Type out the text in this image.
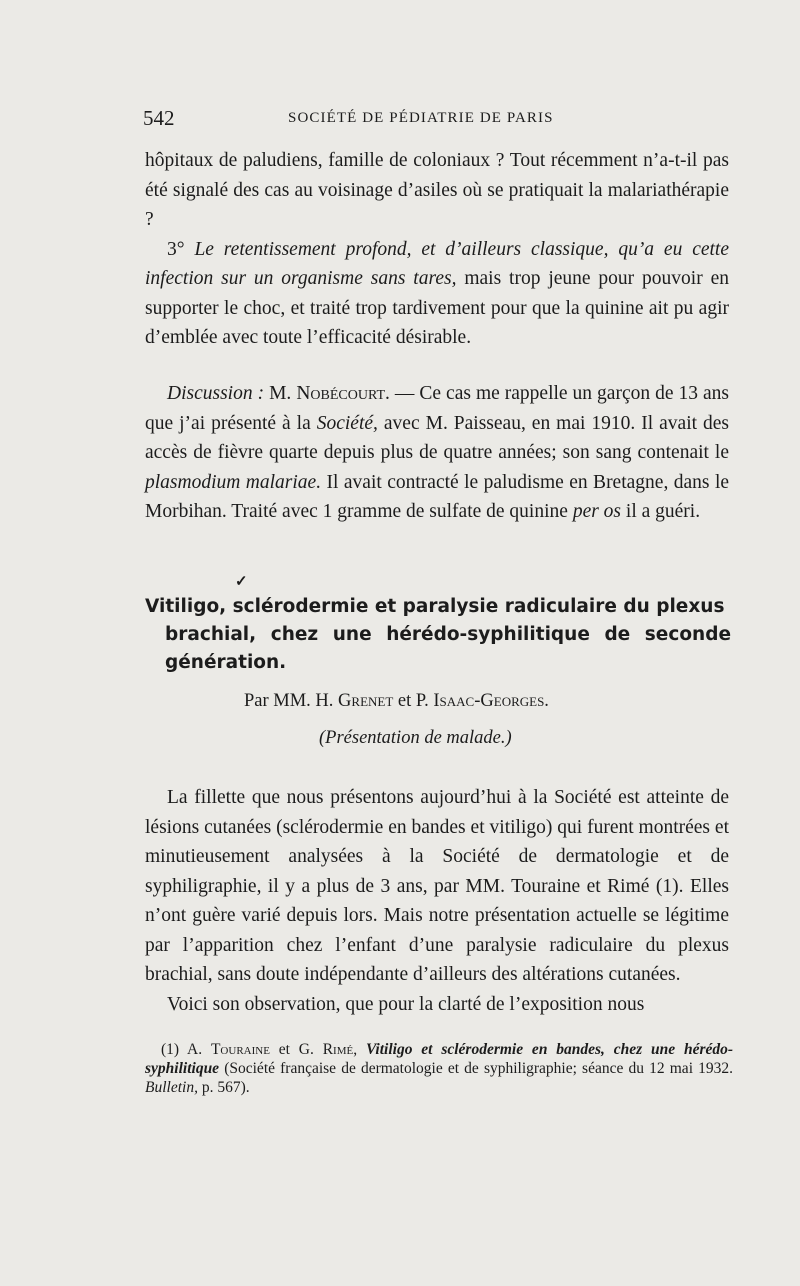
542	SOCIÉTÉ DE PÉDIATRIE DE PARIS

hôpitaux de paludiens, famille de coloniaux ? Tout récemment n’a-t-il pas été signalé des cas au voisinage d’asiles où se pratiquait la malariathérapie ?

3° Le retentissement profond, et d’ailleurs classique, qu’a eu cette infection sur un organisme sans tares, mais trop jeune pour pouvoir en supporter le choc, et traité trop tardivement pour que la quinine ait pu agir d’emblée avec toute l’efficacité désirable.

Discussion : M. Nobécourt. — Ce cas me rappelle un garçon de 13 ans que j’ai présenté à la Société, avec M. Paisseau, en mai 1910. Il avait des accès de fièvre quarte depuis plus de quatre années; son sang contenait le plasmodium malariae. Il avait contracté le paludisme en Bretagne, dans le Morbihan. Traité avec 1 gramme de sulfate de quinine per os il a guéri.

✓
Vitiligo, sclérodermie et paralysie radiculaire du plexus
brachial, chez une hérédo-syphilitique de seconde génération.
Par MM. H. Grenet et P. Isaac-Georges.
(Présentation de malade.)

La fillette que nous présentons aujourd’hui à la Société est atteinte de lésions cutanées (sclérodermie en bandes et vitiligo) qui furent montrées et minutieusement analysées à la Société de dermatologie et de syphiligraphie, il y a plus de 3 ans, par MM. Touraine et Rimé (1). Elles n’ont guère varié depuis lors. Mais notre présentation actuelle se légitime par l’apparition chez l’enfant d’une paralysie radiculaire du plexus brachial, sans doute indépendante d’ailleurs des altérations cutanées.

Voici son observation, que pour la clarté de l’exposition nous

(1) A. Touraine et G. Rimé, Vitiligo et sclérodermie en bandes, chez une hérédo-syphilitique (Société française de dermatologie et de syphiligraphie; séance du 12 mai 1932. Bulletin, p. 567).
